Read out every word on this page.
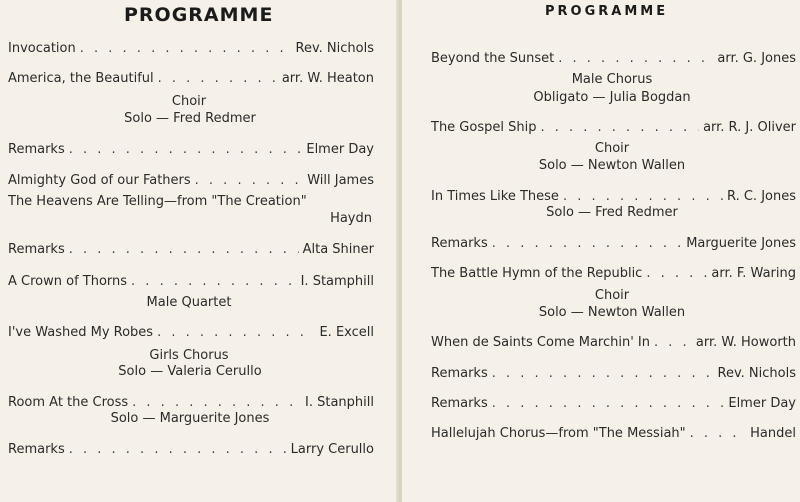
PROGRAMME
Invocation . . .	Rev. Nichols
America, the Beautiful . . .	arr. W. Heaton
Choir
Solo — Fred Redmer
Remarks . . .	Elmer Day
Almighty God of our Fathers . . .	Will James
The Heavens Are Telling—from "The Creation"
Haydn
Remarks . . .	Alta Shiner
A Crown of Thorns . . .	I. Stamphill
Male Quartet
I've Washed My Robes . . .	E. Excell
Girls Chorus
Solo — Valeria Cerullo
Room At the Cross . . .	I. Stanphill
Solo — Marguerite Jones
Remarks . . .	Larry Cerullo
PROGRAMME
Beyond the Sunset . . .	arr. G. Jones
Male Chorus
Obligato — Julia Bogdan
The Gospel Ship . . .	arr. R. J. Oliver
Choir
Solo — Newton Wallen
In Times Like These . . .	R. C. Jones
Solo — Fred Redmer
Remarks . . .	Marguerite Jones
The Battle Hymn of the Republic . . .	arr. F. Waring
Choir
Solo — Newton Wallen
When de Saints Come Marchin' In . . .	arr. W. Howorth
Remarks . . .	Rev. Nichols
Remarks . . .	Elmer Day
Hallelujah Chorus—from "The Messiah" . . .	Handel
